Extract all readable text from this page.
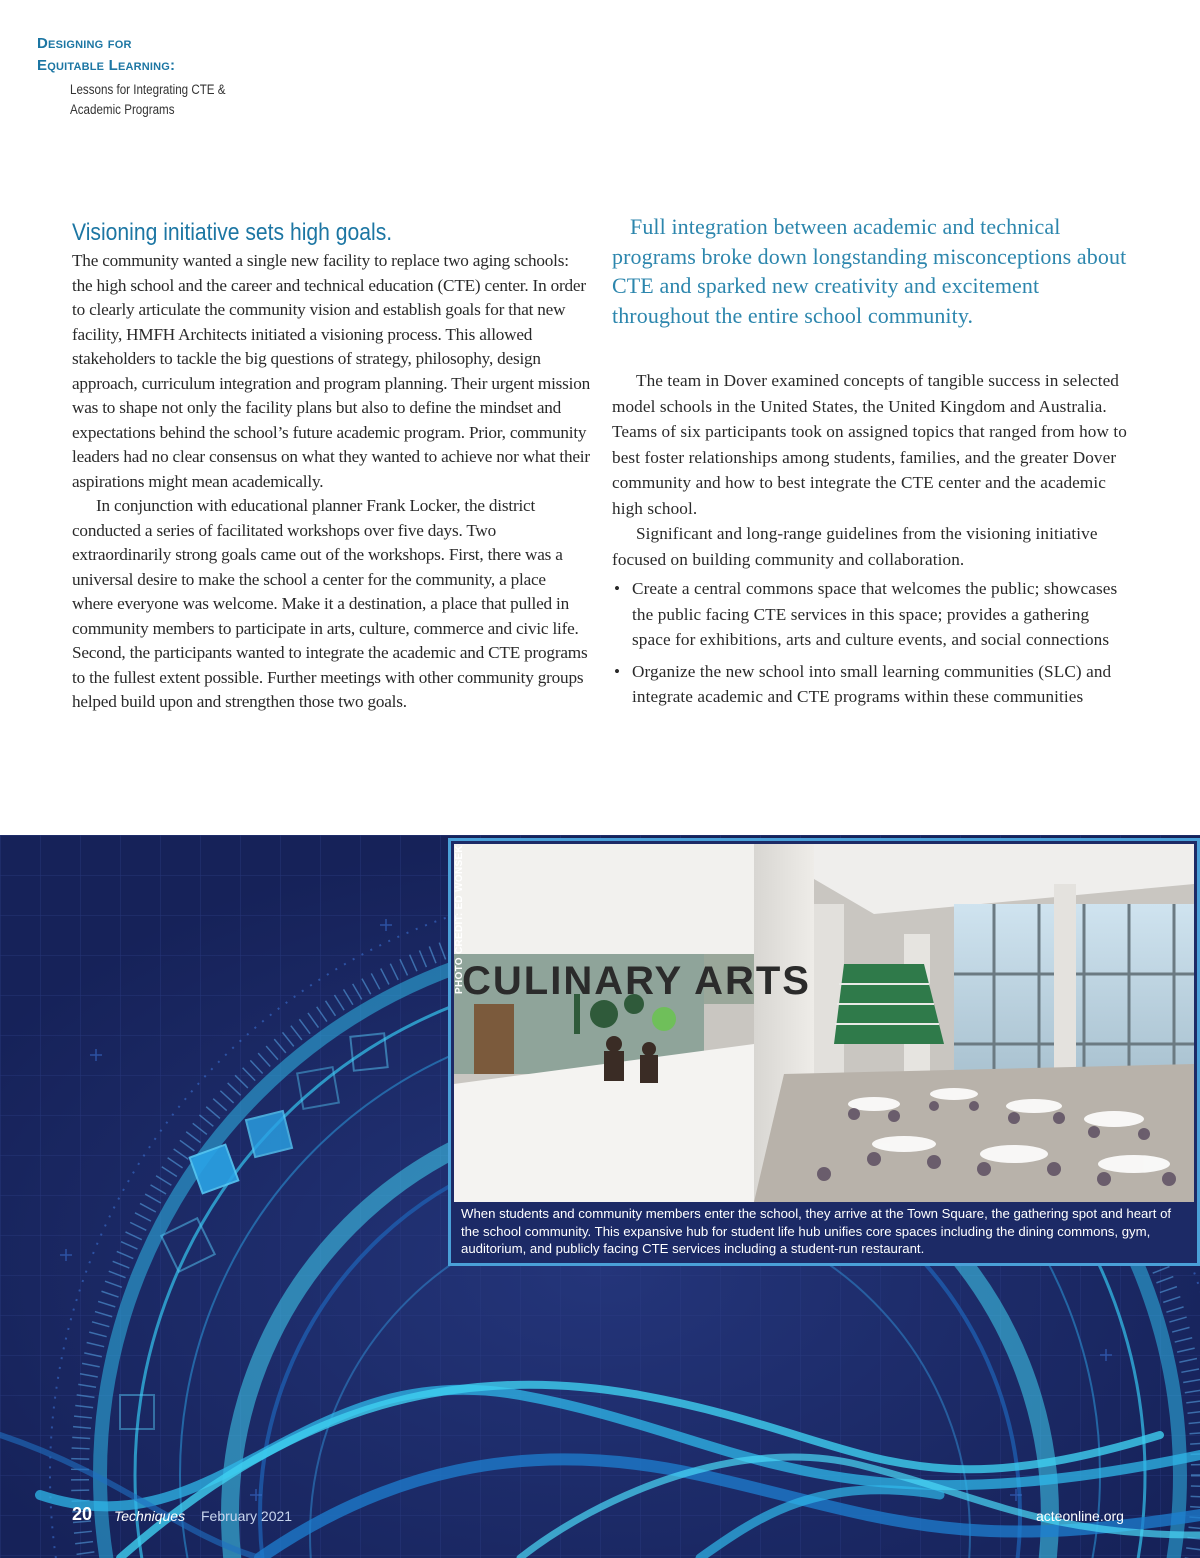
Designing for
Equitable Learning:
Lessons for Integrating CTE &
Academic Programs
Visioning initiative sets high goals.

The community wanted a single new facility to replace two aging schools: the high school and the career and technical education (CTE) center. In order to clearly articulate the community vision and establish goals for that new facility, HMFH Architects initiated a visioning process. This allowed stakeholders to tackle the big questions of strategy, philosophy, design approach, curriculum integration and program planning. Their urgent mission was to shape not only the facility plans but also to define the mindset and expectations behind the school’s future academic program. Prior, community leaders had no clear consensus on what they wanted to achieve nor what their aspirations might mean academically.

In conjunction with educational planner Frank Locker, the district conducted a series of facilitated workshops over five days. Two extraordinarily strong goals came out of the workshops. First, there was a universal desire to make the school a center for the community, a place where everyone was welcome. Make it a destination, a place that pulled in community members to participate in arts, culture, commerce and civic life. Second, the participants wanted to integrate the academic and CTE programs to the fullest extent possible. Further meetings with other community groups helped build upon and strengthen those two goals.

Full integration between academic and technical programs broke down longstanding misconceptions about CTE and sparked new creativity and excitement throughout the entire school community.

The team in Dover examined concepts of tangible success in selected model schools in the United States, the United Kingdom and Australia. Teams of six participants took on assigned topics that ranged from how to best foster relationships among students, families, and the greater Dover community and how to best integrate the CTE center and the academic high school.

Significant and long-range guidelines from the visioning initiative focused on building community and collaboration.

• Create a central commons space that welcomes the public; showcases the public facing CTE services in this space; provides a gathering space for exhibitions, arts and culture events, and social connections
• Organize the new school into small learning communities (SLC) and integrate academic and CTE programs within these communities
CULINARY ARTS
PHOTO CREDIT: ED WONSEK
When students and community members enter the school, they arrive at the Town Square, the gathering spot and heart of the school community. This expansive hub for student life hub unifies core spaces including the dining commons, gym, auditorium, and publicly facing CTE services including a student-run restaurant.
20 Techniques February 2021	acteonline.org
